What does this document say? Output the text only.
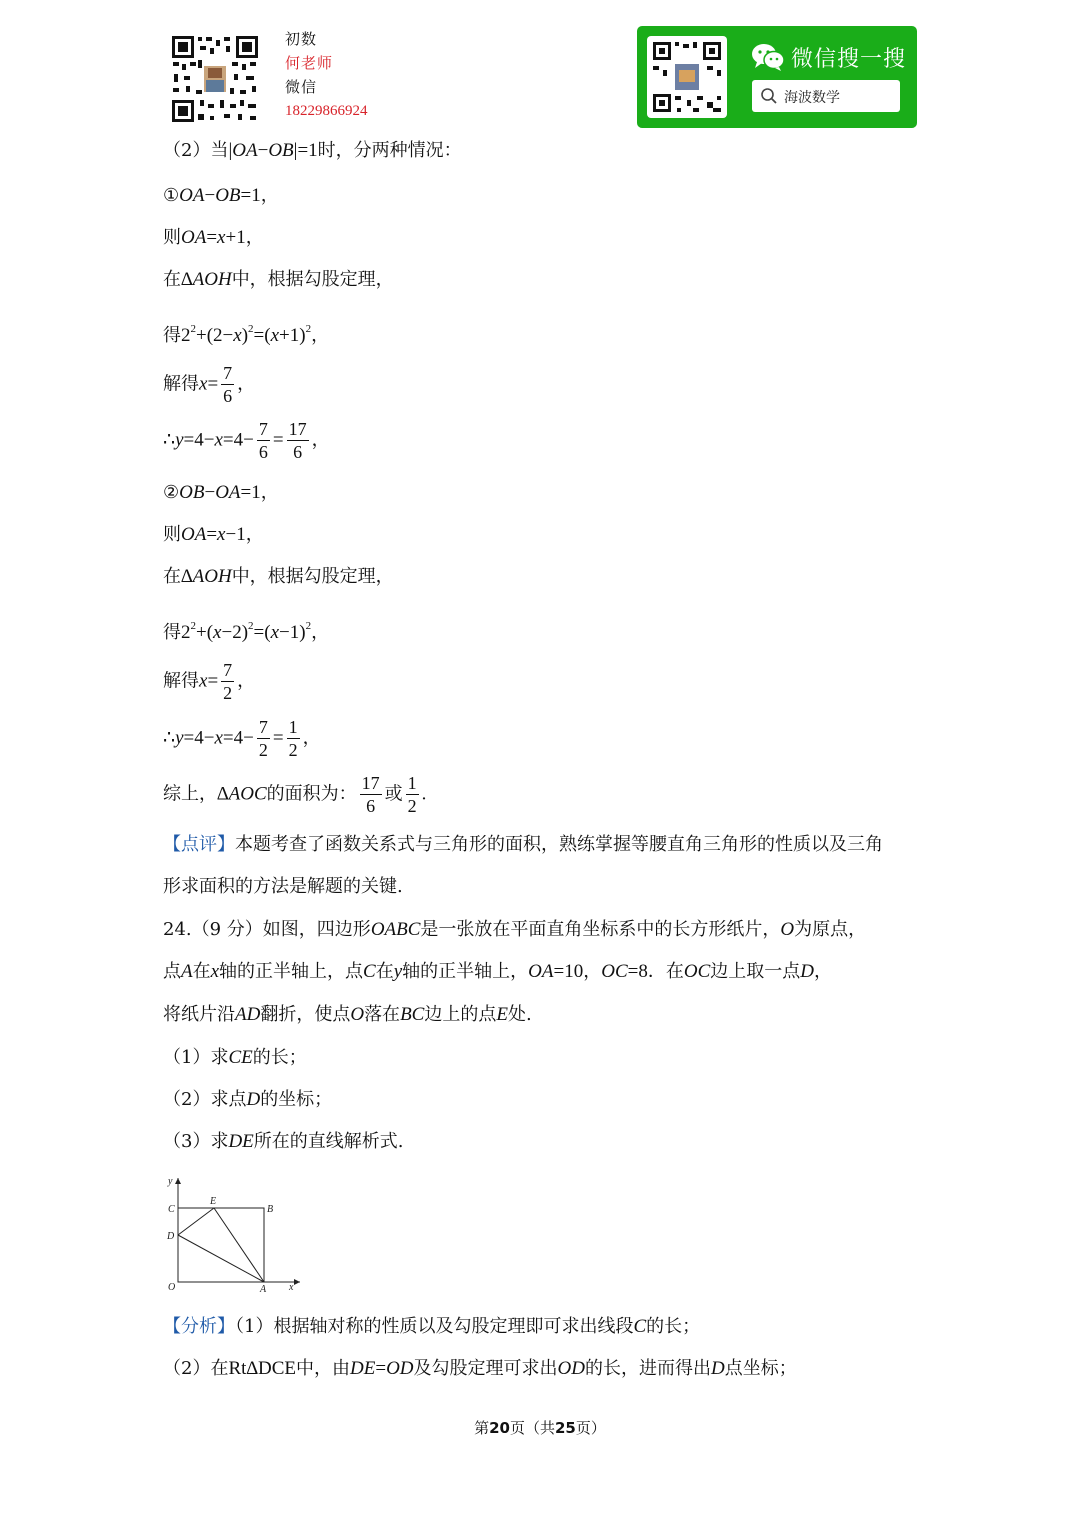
初数
何老师
微信
18229866924
微信搜一搜
海波数学
（2）当|OA−OB|=1时，分两种情况：
①OA−OB=1，
则OA=x+1，
在∆AOH中，根据勾股定理，
得$2^2+(2-x)^2=(x+1)^2$，
解得$x= \frac{7}{6}$ ，
∴y=4−x=4− $\frac{7}{6} = \frac{17}{6}$ ，
②OB−OA=1，
则OA=x−1，
在∆AOH中，根据勾股定理，
得$2^2+(x-2)^2=(x-1)^2$，
解得$x= \frac{7}{2}$ ，
∴y=4−x=4− $\frac{7}{2} = \frac{1}{2}$ ，
综上，∆AOC的面积为： $\frac{17}{6}$ 或 $\frac{1}{2}$ .
【点评】本题考查了函数关系式与三角形的面积，熟练掌握等腰直角三角形的性质以及三角
形求面积的方法是解题的关键.
24.（9 分）如图，四边形OABC是一张放在平面直角坐标系中的长方形纸片，O为原点，
点A在x轴的正半轴上，点C在y轴的正半轴上，OA=10，OC=8．在OC边上取一点D，
将纸片沿AD翻折，使点O落在BC边上的点E处.
（1）求CE的长；
（2）求点D的坐标；
（3）求DE所在的直线解析式.
y
C
E
B
D
O	A x
【分析】（1）根据轴对称的性质以及勾股定理即可求出线段C的长；
（2）在Rt∆DCE中，由DE=OD及勾股定理可求出OD的长，进而得出D点坐标；
第20页（共25页）
